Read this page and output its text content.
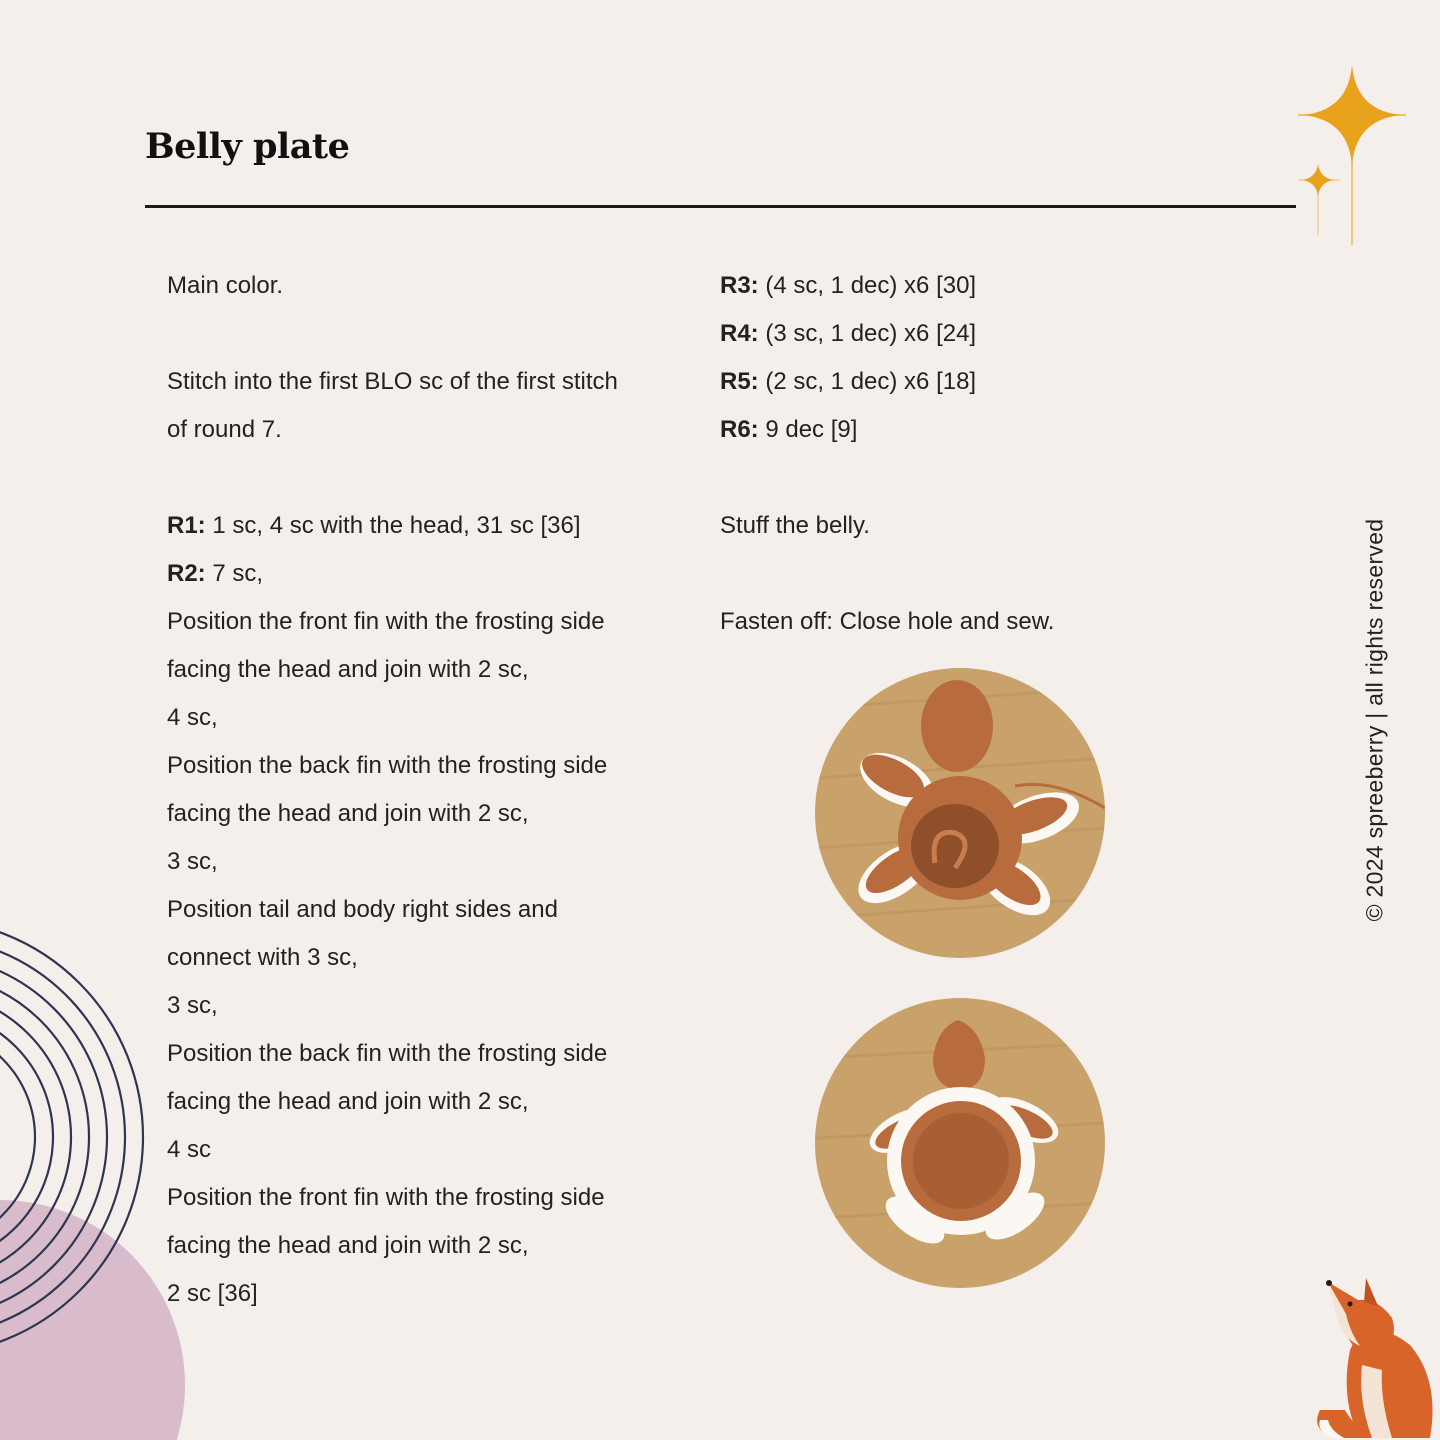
Belly plate
Main color.
Stitch into the first BLO sc of the first stitch
of round 7.
R1: 1 sc, 4 sc with the head, 31 sc [36]
R2: 7 sc,
Position the front fin with the frosting side
facing the head and join with 2 sc,
4 sc,
Position the back fin with the frosting side
facing the head and join with 2 sc,
3 sc,
Position tail and body right sides and
connect with 3 sc,
3 sc,
Position the back fin with the frosting side
facing the head and join with 2 sc,
4 sc
Position the front fin with the frosting side
facing the head and join with 2 sc,
2 sc [36]
R3: (4 sc, 1 dec) x6 [30]
R4: (3 sc, 1 dec) x6 [24]
R5: (2 sc, 1 dec) x6 [18]
R6: 9 dec [9]
Stuff the belly.
Fasten off: Close hole and sew.	© 2024 spreeberry | all rights reserved
